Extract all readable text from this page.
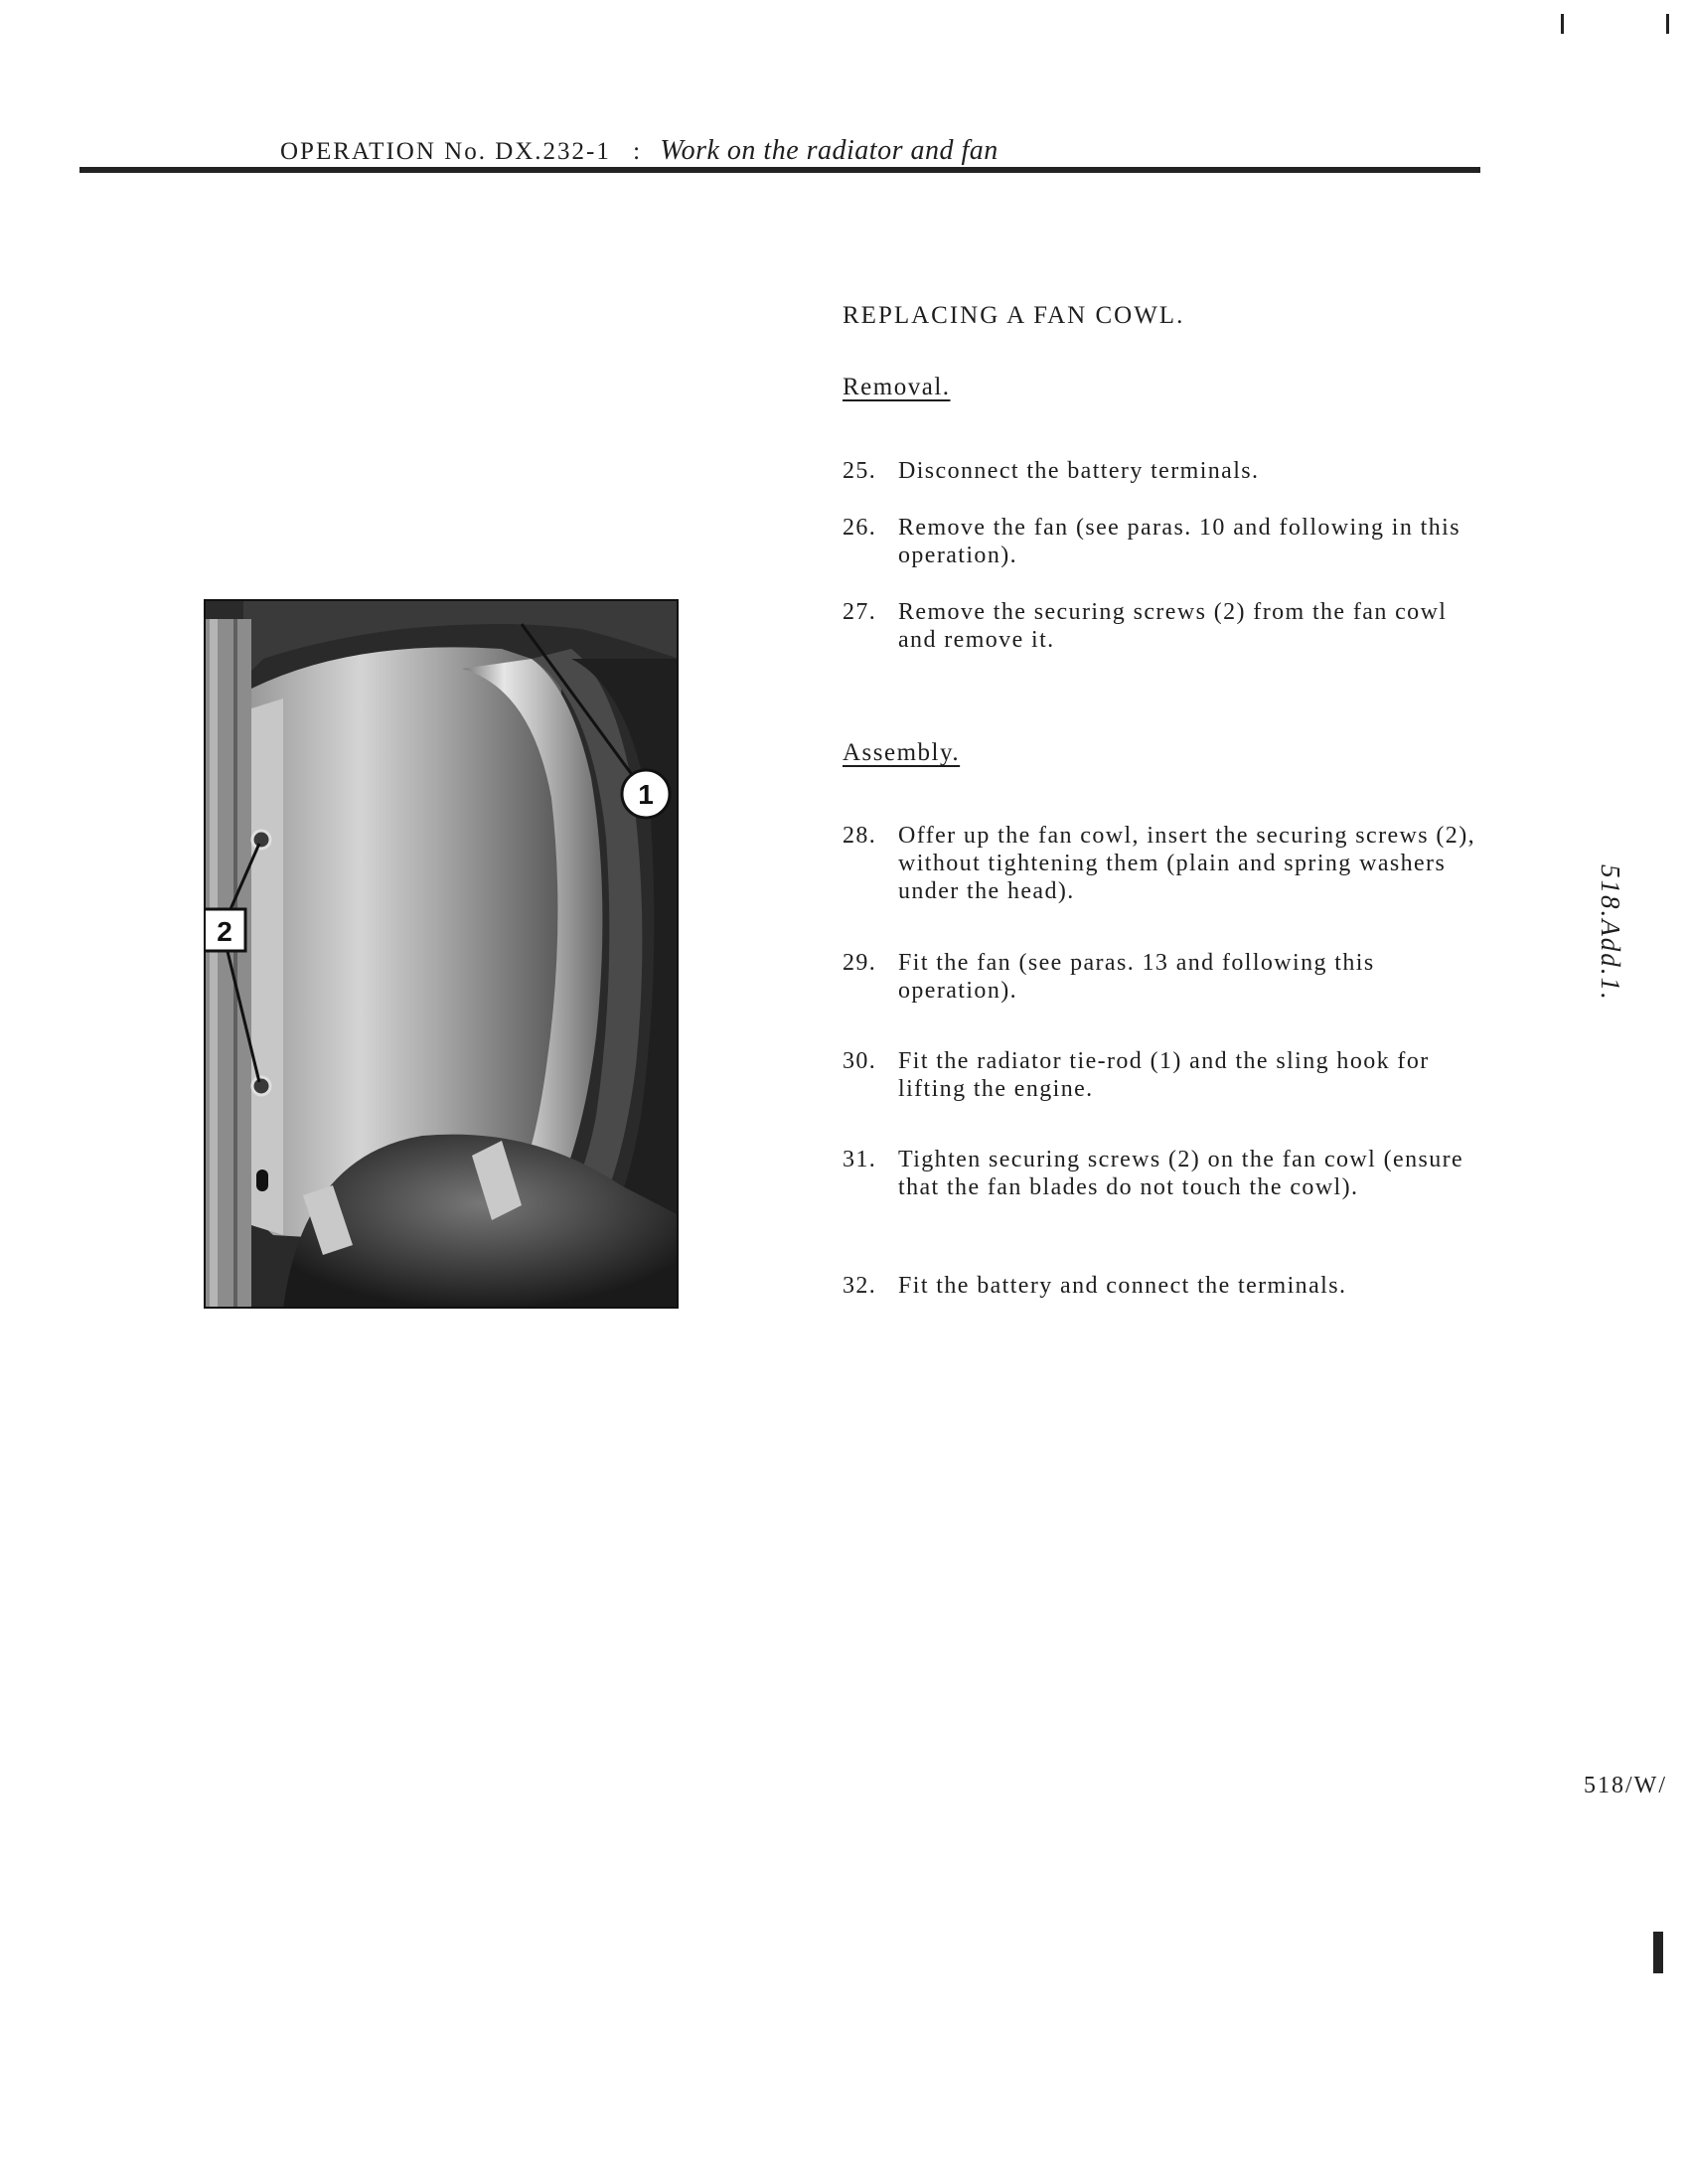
OPERATION No. DX.232-1 : Work on the radiator and fan
REPLACING A FAN COWL.
Removal.
25. Disconnect the battery terminals.
26. Remove the fan (see paras. 10 and following in this operation).
27. Remove the securing screws (2) from the fan cowl and remove it.
Assembly.
28. Offer up the fan cowl, insert the securing screws (2), without tightening them (plain and spring washers under the head).
29. Fit the fan (see paras. 13 and following this operation).
30. Fit the radiator tie-rod (1) and the sling hook for lifting the engine.
31. Tighten securing screws (2) on the fan cowl (ensure that the fan blades do not touch the cowl).
32. Fit the battery and connect the terminals.
518.Add.1.
518/W/
1
2
